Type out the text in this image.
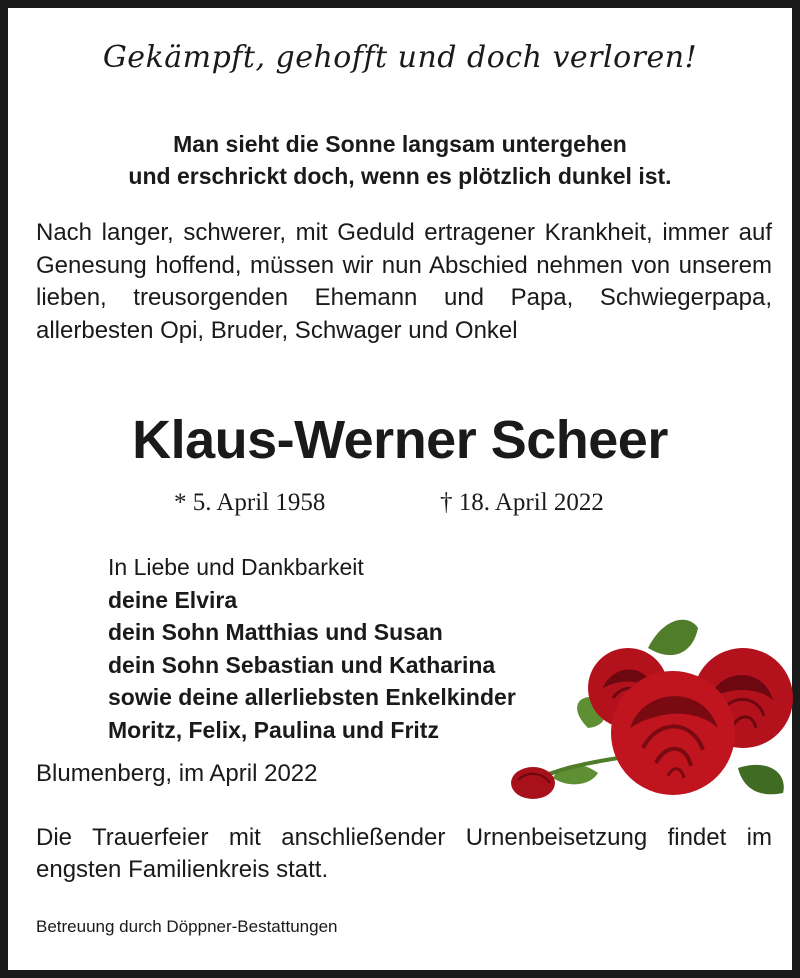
Gekämpft, gehofft und doch verloren!
Man sieht die Sonne langsam untergehen
und erschrickt doch, wenn es plötzlich dunkel ist.
Nach langer, schwerer, mit Geduld ertragener Krankheit, immer auf Genesung hoffend, müssen wir nun Abschied nehmen von unserem lieben, treusorgenden Ehemann und Papa, Schwiegerpapa, allerbesten Opi, Bruder, Schwager und Onkel
Klaus-Werner Scheer
* 5. April 1958	† 18. April 2022
In Liebe und Dankbarkeit
deine Elvira
dein Sohn Matthias und Susan
dein Sohn Sebastian und Katharina
sowie deine allerliebsten Enkelkinder
Moritz, Felix, Paulina und Fritz
Blumenberg, im April 2022
Die Trauerfeier mit anschließender Urnenbeisetzung findet im engsten Familienkreis statt.
Betreuung durch Döppner-Bestattungen
